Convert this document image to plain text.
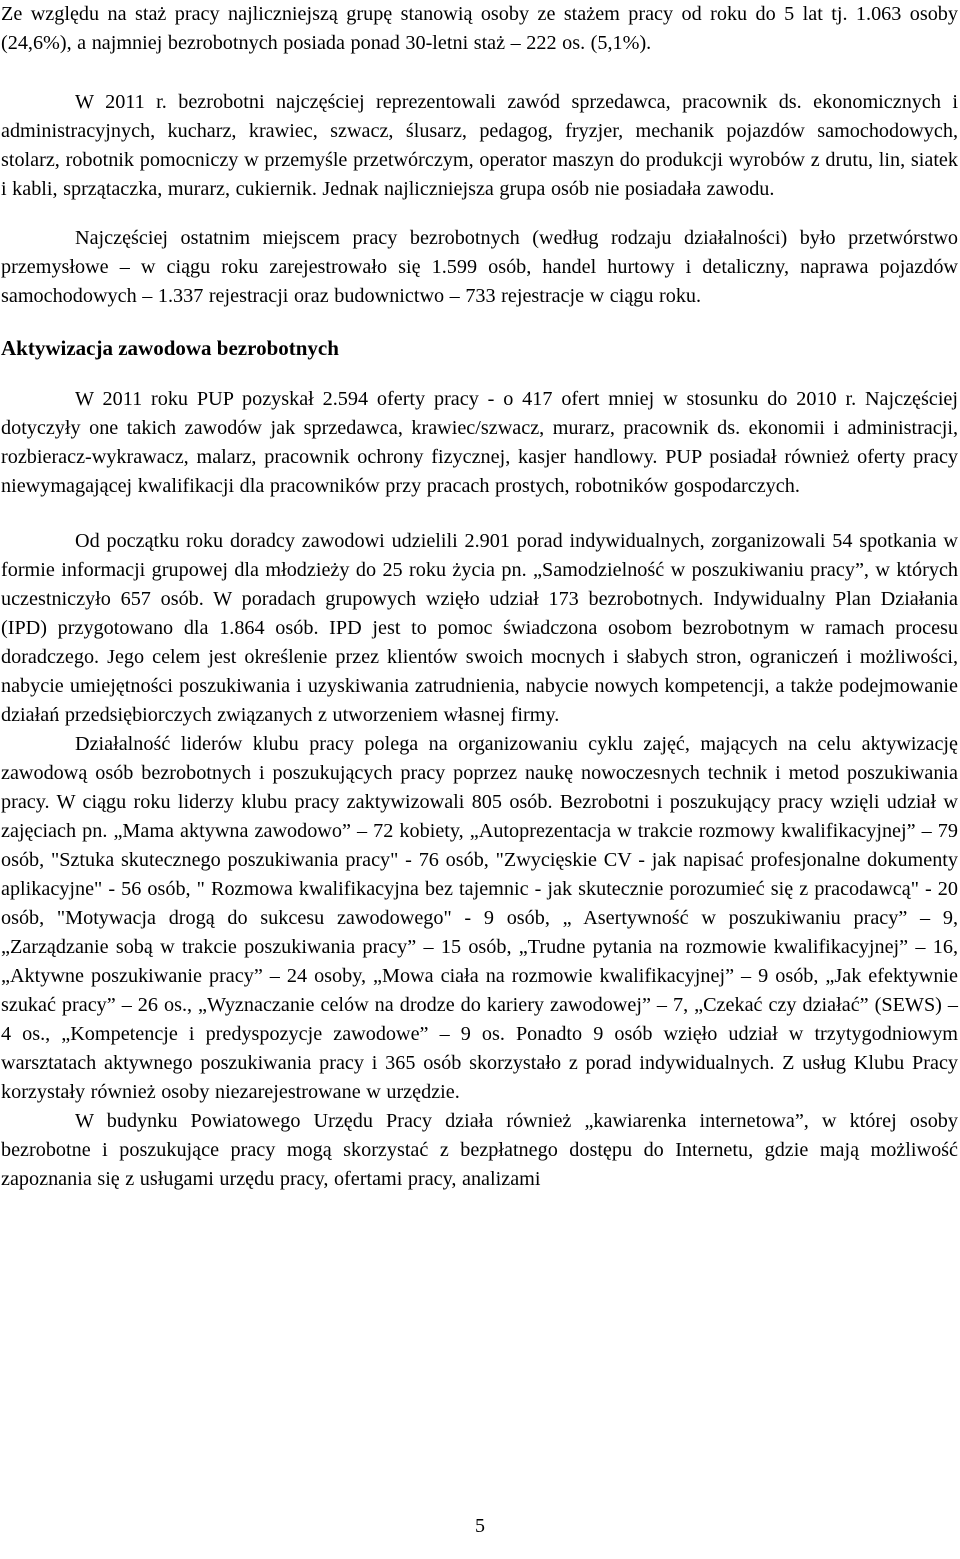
Ze względu na staż pracy najliczniejszą grupę stanowią osoby ze stażem pracy od roku do 5 lat tj. 1.063 osoby (24,6%), a najmniej bezrobotnych posiada ponad 30-letni staż – 222 os. (5,1%).

W 2011 r. bezrobotni najczęściej reprezentowali zawód sprzedawca, pracownik ds. ekonomicznych i administracyjnych, kucharz, krawiec, szwacz, ślusarz, pedagog, fryzjer, mechanik pojazdów samochodowych, stolarz, robotnik pomocniczy w przemyśle przetwórczym, operator maszyn do produkcji wyrobów z drutu, lin, siatek i kabli, sprzątaczka, murarz, cukiernik. Jednak najliczniejsza grupa osób nie posiadała zawodu.

Najczęściej ostatnim miejscem pracy bezrobotnych (według rodzaju działalności) było przetwórstwo przemysłowe – w ciągu roku zarejestrowało się 1.599 osób, handel hurtowy i detaliczny, naprawa pojazdów samochodowych – 1.337 rejestracji oraz budownictwo – 733 rejestracje w ciągu roku.

Aktywizacja zawodowa bezrobotnych

W 2011 roku PUP pozyskał 2.594 oferty pracy - o 417 ofert mniej w stosunku do 2010 r. Najczęściej dotyczyły one takich zawodów jak sprzedawca, krawiec/szwacz, murarz, pracownik ds. ekonomii i administracji, rozbieracz-wykrawacz, malarz, pracownik ochrony fizycznej, kasjer handlowy. PUP posiadał również oferty pracy niewymagającej kwalifikacji dla pracowników przy pracach prostych, robotników gospodarczych.

Od początku roku doradcy zawodowi udzielili 2.901 porad indywidualnych, zorganizowali 54 spotkania w formie informacji grupowej dla młodzieży do 25 roku życia pn. „Samodzielność w poszukiwaniu pracy”, w których uczestniczyło 657 osób. W poradach grupowych wzięło udział 173 bezrobotnych. Indywidualny Plan Działania (IPD) przygotowano dla 1.864 osób. IPD jest to pomoc świadczona osobom bezrobotnym w ramach procesu doradczego. Jego celem jest określenie przez klientów swoich mocnych i słabych stron, ograniczeń i możliwości, nabycie umiejętności poszukiwania i uzyskiwania zatrudnienia, nabycie nowych kompetencji, a także podejmowanie działań przedsiębiorczych związanych z utworzeniem własnej firmy.

Działalność liderów klubu pracy polega na organizowaniu cyklu zajęć, mających na celu aktywizację zawodową osób bezrobotnych i poszukujących pracy poprzez naukę nowoczesnych technik i metod poszukiwania pracy. W ciągu roku liderzy klubu pracy zaktywizowali 805 osób. Bezrobotni i poszukujący pracy wzięli udział w zajęciach pn. „Mama aktywna zawodowo” – 72 kobiety, „Autoprezentacja w trakcie rozmowy kwalifikacyjnej” – 79 osób, "Sztuka skutecznego poszukiwania pracy" - 76 osób, "Zwycięskie CV - jak napisać profesjonalne dokumenty aplikacyjne" - 56 osób, " Rozmowa kwalifikacyjna bez tajemnic - jak skutecznie porozumieć się z pracodawcą" - 20 osób, "Motywacja drogą do sukcesu zawodowego" - 9 osób, „ Asertywność w poszukiwaniu pracy” – 9, „Zarządzanie sobą w trakcie poszukiwania pracy” – 15 osób, „Trudne pytania na rozmowie kwalifikacyjnej” – 16, „Aktywne poszukiwanie pracy” – 24 osoby, „Mowa ciała na rozmowie kwalifikacyjnej” – 9 osób, „Jak efektywnie szukać pracy” – 26 os., „Wyznaczanie celów na drodze do kariery zawodowej” – 7, „Czekać czy działać” (SEWS) – 4 os., „Kompetencje i predyspozycje zawodowe” – 9 os. Ponadto 9 osób wzięło udział w trzytygodniowym warsztatach aktywnego poszukiwania pracy i 365 osób skorzystało z porad indywidualnych. Z usług Klubu Pracy korzystały również osoby niezarejestrowane w urzędzie.

W budynku Powiatowego Urzędu Pracy działa również „kawiarenka internetowa”, w której osoby bezrobotne i poszukujące pracy mogą skorzystać z bezpłatnego dostępu do Internetu, gdzie mają możliwość zapoznania się z usługami urzędu pracy, ofertami pracy, analizami

5
